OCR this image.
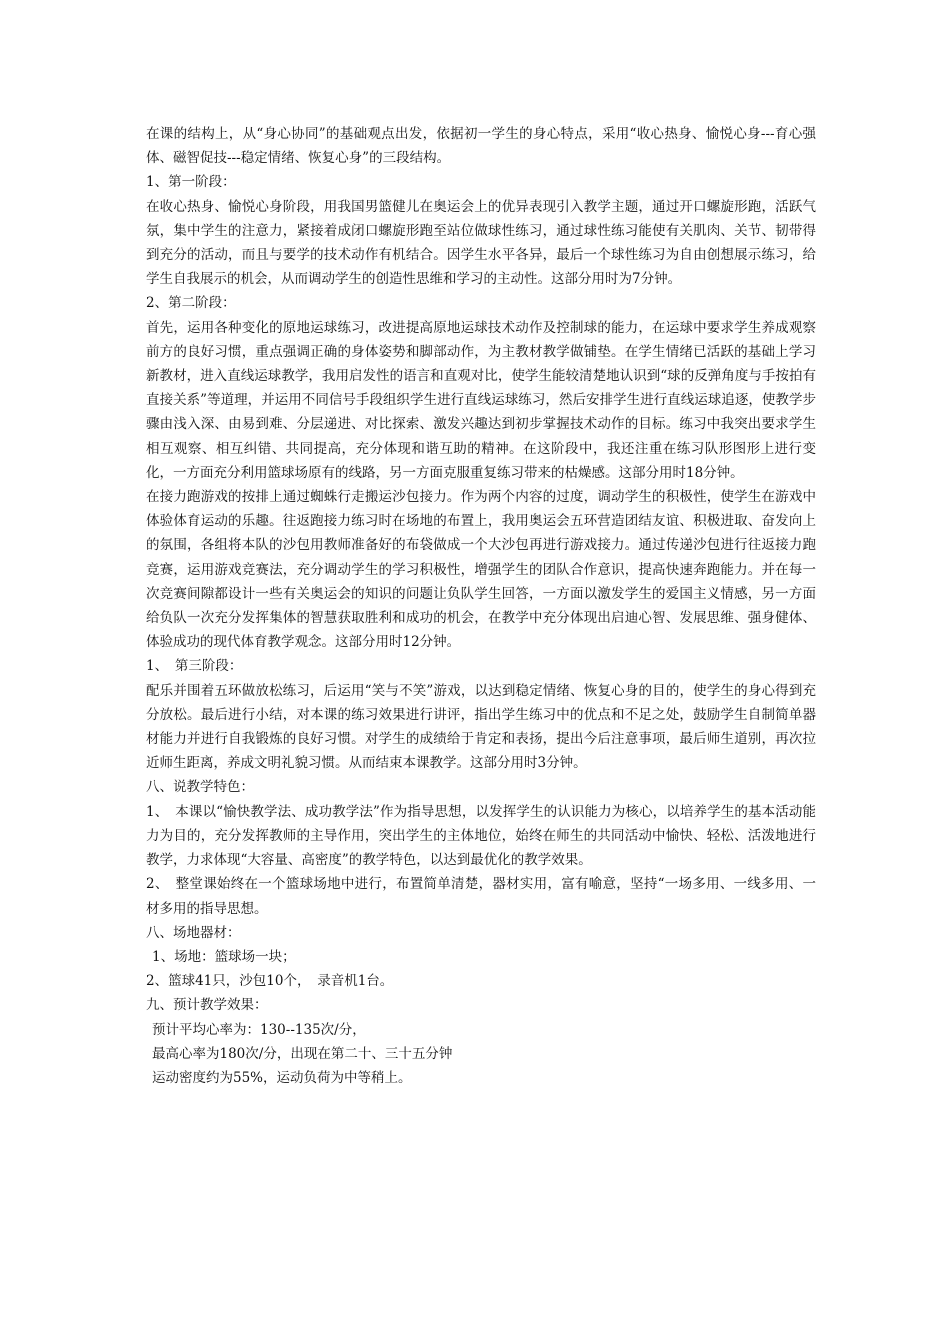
在课的结构上，从“身心协同”的基础观点出发，依据初一学生的身心特点，采用“收心热身、愉悦心身---育心强体、磁智促技---稳定情绪、恢复心身”的三段结构。

1、第一阶段：

在收心热身、愉悦心身阶段，用我国男篮健儿在奥运会上的优异表现引入教学主题，通过开口螺旋形跑，活跃气氛，集中学生的注意力，紧接着成闭口螺旋形跑至站位做球性练习，通过球性练习能使有关肌肉、关节、韧带得到充分的活动，而且与要学的技术动作有机结合。因学生水平各异，最后一个球性练习为自由创想展示练习，给学生自我展示的机会，从而调动学生的创造性思维和学习的主动性。这部分用时为7分钟。

2、第二阶段：

首先，运用各种变化的原地运球练习，改进提高原地运球技术动作及控制球的能力，在运球中要求学生养成观察前方的良好习惯，重点强调正确的身体姿势和脚部动作，为主教材教学做铺垫。在学生情绪已活跃的基础上学习新教材，进入直线运球教学，我用启发性的语言和直观对比，使学生能较清楚地认识到“球的反弹角度与手按拍有直接关系”等道理，并运用不同信号手段组织学生进行直线运球练习，然后安排学生进行直线运球追逐，使教学步骤由浅入深、由易到难、分层递进、对比探索、激发兴趣达到初步掌握技术动作的目标。练习中我突出要求学生相互观察、相互纠错、共同提高，充分体现和谐互助的精神。在这阶段中，我还注重在练习队形图形上进行变化，一方面充分利用篮球场原有的线路，另一方面克服重复练习带来的枯燥感。这部分用时18分钟。

在接力跑游戏的按排上通过蜘蛛行走搬运沙包接力。作为两个内容的过度，调动学生的积极性，使学生在游戏中体验体育运动的乐趣。往返跑接力练习时在场地的布置上，我用奥运会五环营造团结友谊、积极进取、奋发向上的氛围，各组将本队的沙包用教师准备好的布袋做成一个大沙包再进行游戏接力。通过传递沙包进行往返接力跑竞赛，运用游戏竞赛法，充分调动学生的学习积极性，增强学生的团队合作意识，提高快速奔跑能力。并在每一次竞赛间隙都设计一些有关奥运会的知识的问题让负队学生回答，一方面以激发学生的爱国主义情感，另一方面给负队一次充分发挥集体的智慧获取胜利和成功的机会，在教学中充分体现出启迪心智、发展思维、强身健体、体验成功的现代体育教学观念。这部分用时12分钟。

1、　第三阶段：

配乐并围着五环做放松练习，后运用“笑与不笑”游戏，以达到稳定情绪、恢复心身的目的，使学生的身心得到充分放松。最后进行小结，对本课的练习效果进行讲评，指出学生练习中的优点和不足之处，鼓励学生自制简单器材能力并进行自我锻炼的良好习惯。对学生的成绩给于肯定和表扬，提出今后注意事项，最后师生道别，再次拉近师生距离，养成文明礼貌习惯。从而结束本课教学。这部分用时3分钟。

八、说教学特色：

1、　本课以“愉快教学法、成功教学法”作为指导思想，以发挥学生的认识能力为核心，以培养学生的基本活动能力为目的，充分发挥教师的主导作用，突出学生的主体地位，始终在师生的共同活动中愉快、轻松、活泼地进行教学，力求体现“大容量、高密度”的教学特色，以达到最优化的教学效果。

2、　整堂课始终在一个篮球场地中进行，布置简单清楚，器材实用，富有喻意，坚持“一场多用、一线多用、一材多用的指导思想。

八、场地器材：

1、场地：篮球场一块；

2、篮球41只，沙包10个，　录音机1台。

九、预计教学效果：

预计平均心率为：130--135次/分，

最高心率为180次/分，出现在第二十、三十五分钟

运动密度约为55%，运动负荷为中等稍上。
